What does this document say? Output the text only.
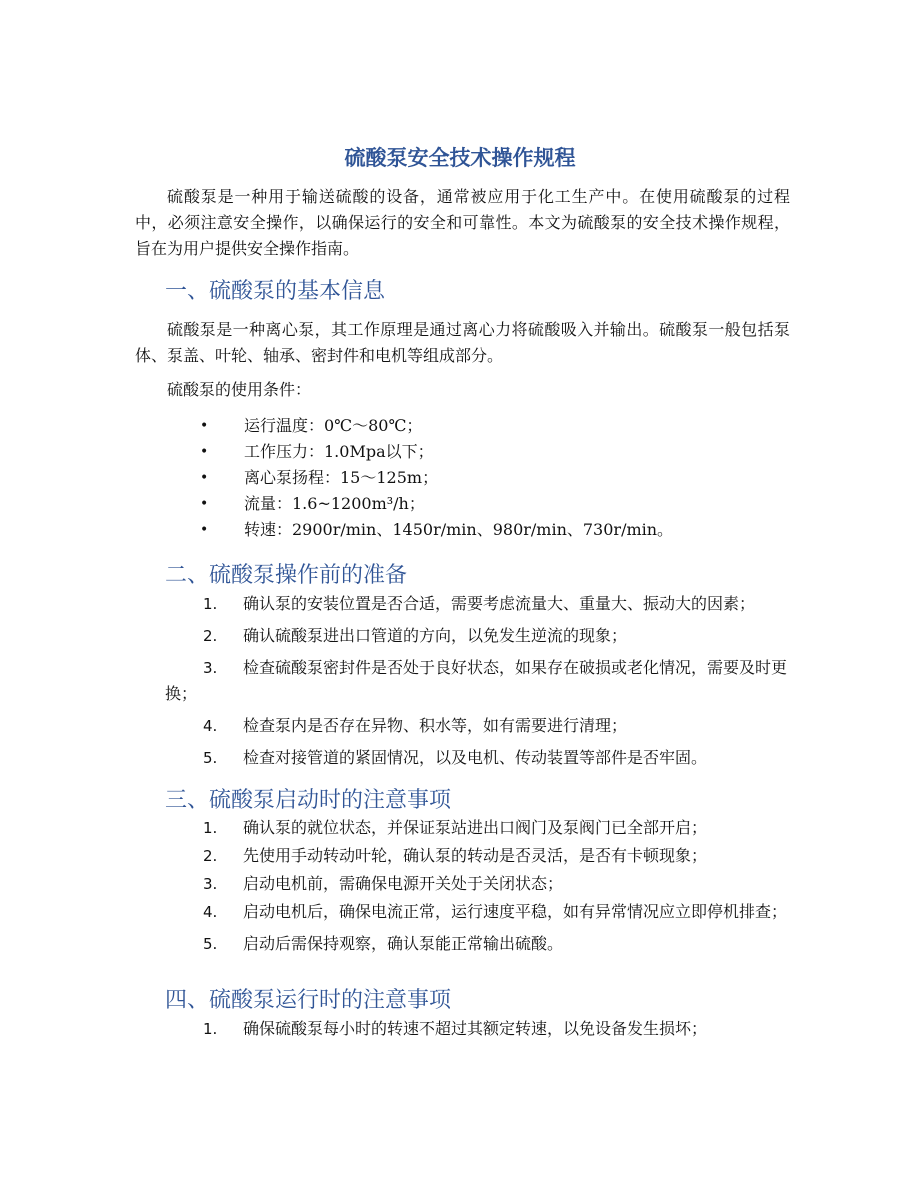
硫酸泵安全技术操作规程

硫酸泵是一种用于输送硫酸的设备，通常被应用于化工生产中。在使用硫酸泵的过程中，必须注意安全操作，以确保运行的安全和可靠性。本文为硫酸泵的安全技术操作规程，旨在为用户提供安全操作指南。

一、硫酸泵的基本信息

硫酸泵是一种离心泵，其工作原理是通过离心力将硫酸吸入并输出。硫酸泵一般包括泵体、泵盖、叶轮、轴承、密封件和电机等组成部分。

硫酸泵的使用条件：

• 运行温度：0℃～80℃；
• 工作压力：1.0Mpa以下；
• 离心泵扬程：15～125m；
• 流量：1.6~1200m³/h；
• 转速：2900r/min、1450r/min、980r/min、730r/min。
二、硫酸泵操作前的准备
1. 确认泵的安装位置是否合适，需要考虑流量大、重量大、振动大的因素；
2. 确认硫酸泵进出口管道的方向，以免发生逆流的现象；
3. 检查硫酸泵密封件是否处于良好状态，如果存在破损或老化情况，需要及时更换；
4. 检查泵内是否存在异物、积水等，如有需要进行清理；
5. 检查对接管道的紧固情况，以及电机、传动装置等部件是否牢固。
三、硫酸泵启动时的注意事项
1. 确认泵的就位状态，并保证泵站进出口阀门及泵阀门已全部开启；
2. 先使用手动转动叶轮，确认泵的转动是否灵活，是否有卡顿现象；
3. 启动电机前，需确保电源开关处于关闭状态；
4. 启动电机后，确保电流正常，运行速度平稳，如有异常情况应立即停机排查；
5. 启动后需保持观察，确认泵能正常输出硫酸。
四、硫酸泵运行时的注意事项
1. 确保硫酸泵每小时的转速不超过其额定转速，以免设备发生损坏；
